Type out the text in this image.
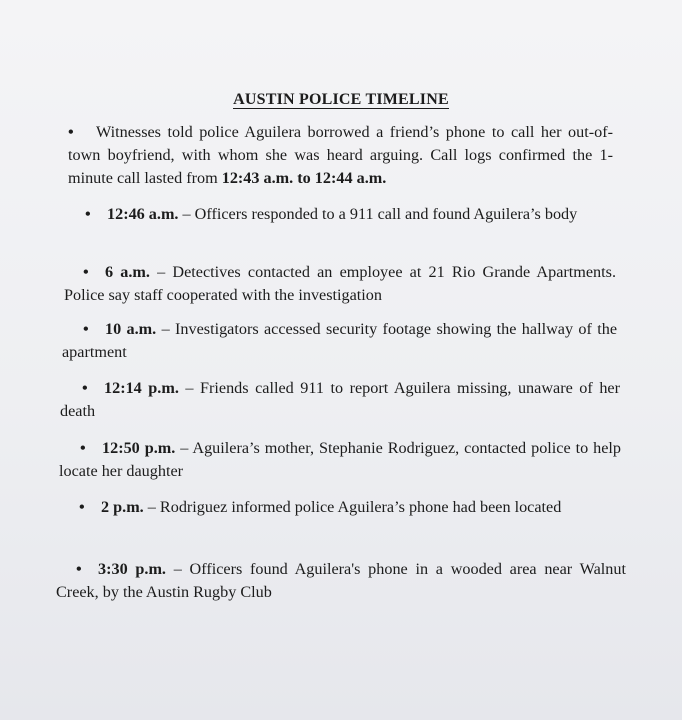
AUSTIN POLICE TIMELINE
• Witnesses told police Aguilera borrowed a friend’s phone to call her out-of-town boyfriend, with whom she was heard arguing. Call logs confirmed the 1-minute call lasted from 12:43 a.m. to 12:44 a.m.
• 12:46 a.m. – Officers responded to a 911 call and found Aguilera’s body
• 6 a.m. – Detectives contacted an employee at 21 Rio Grande Apartments. Police say staff cooperated with the investigation
• 10 a.m. – Investigators accessed security footage showing the hallway of the apartment
• 12:14 p.m. – Friends called 911 to report Aguilera missing, unaware of her death
• 12:50 p.m. – Aguilera’s mother, Stephanie Rodriguez, contacted police to help locate her daughter
• 2 p.m. – Rodriguez informed police Aguilera’s phone had been located
• 3:30 p.m. – Officers found Aguilera's phone in a wooded area near Walnut Creek, by the Austin Rugby Club
